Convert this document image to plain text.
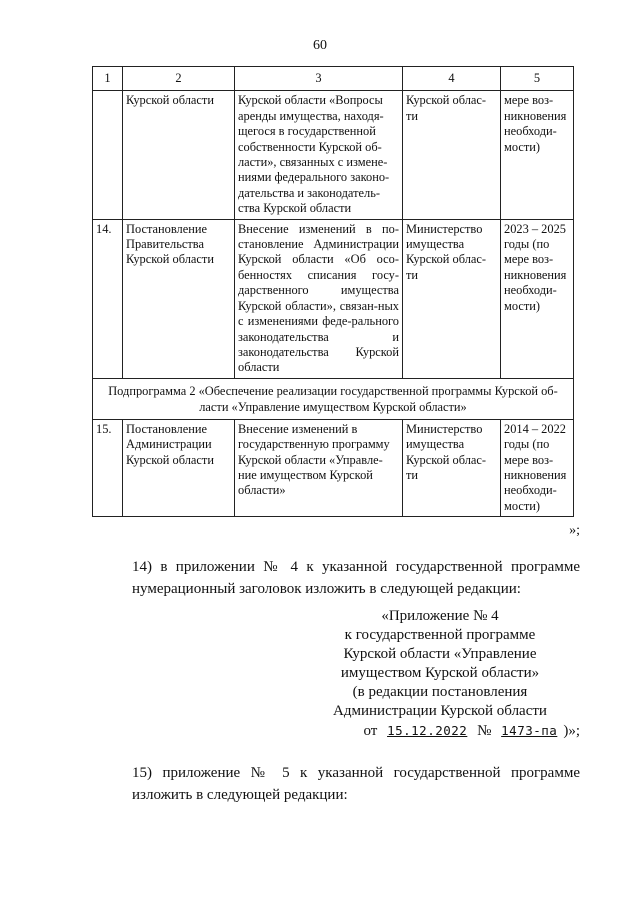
60
1	2	3	4	5
	Курской области	Курской области «Вопросы аренды имущества, находя-щегося в государственной собственности Курской об-ласти», связанных с измене-ниями федерального законо-дательства и законодатель-ства Курской области	Курской облас-ти	мере воз-никновения необходи-мости)
14.	Постановление Правительства Курской области	Внесение изменений в по-становление Администрации Курской области «Об осо-бенностях списания госу-дарственного имущества Курской области», связан-ных с изменениями феде-рального законодательства и законодательства Курской области	Министерство имущества Курской облас-ти	2023 – 2025 годы (по мере воз-никновения необходи-мости)
Подпрограмма 2 «Обеспечение реализации государственной программы Курской об-ласти «Управление имуществом Курской области»				
15.	Постановление Администрации Курской области	Внесение изменений в государственную программу Курской области «Управле-ние имуществом Курской области»	Министерство имущества Курской облас-ти	2014 – 2022 годы (по мере воз-никновения необходи-мости)
»;
14) в приложении № 4 к указанной государственной программе нумерационный заголовок изложить в следующей редакции:
«Приложение № 4
к государственной программе
Курской области «Управление
имуществом Курской области»
(в редакции постановления
Администрации Курской области
от 15.12.2022 № 1473-па )»;
15) приложение № 5 к указанной государственной программе изложить в следующей редакции:
